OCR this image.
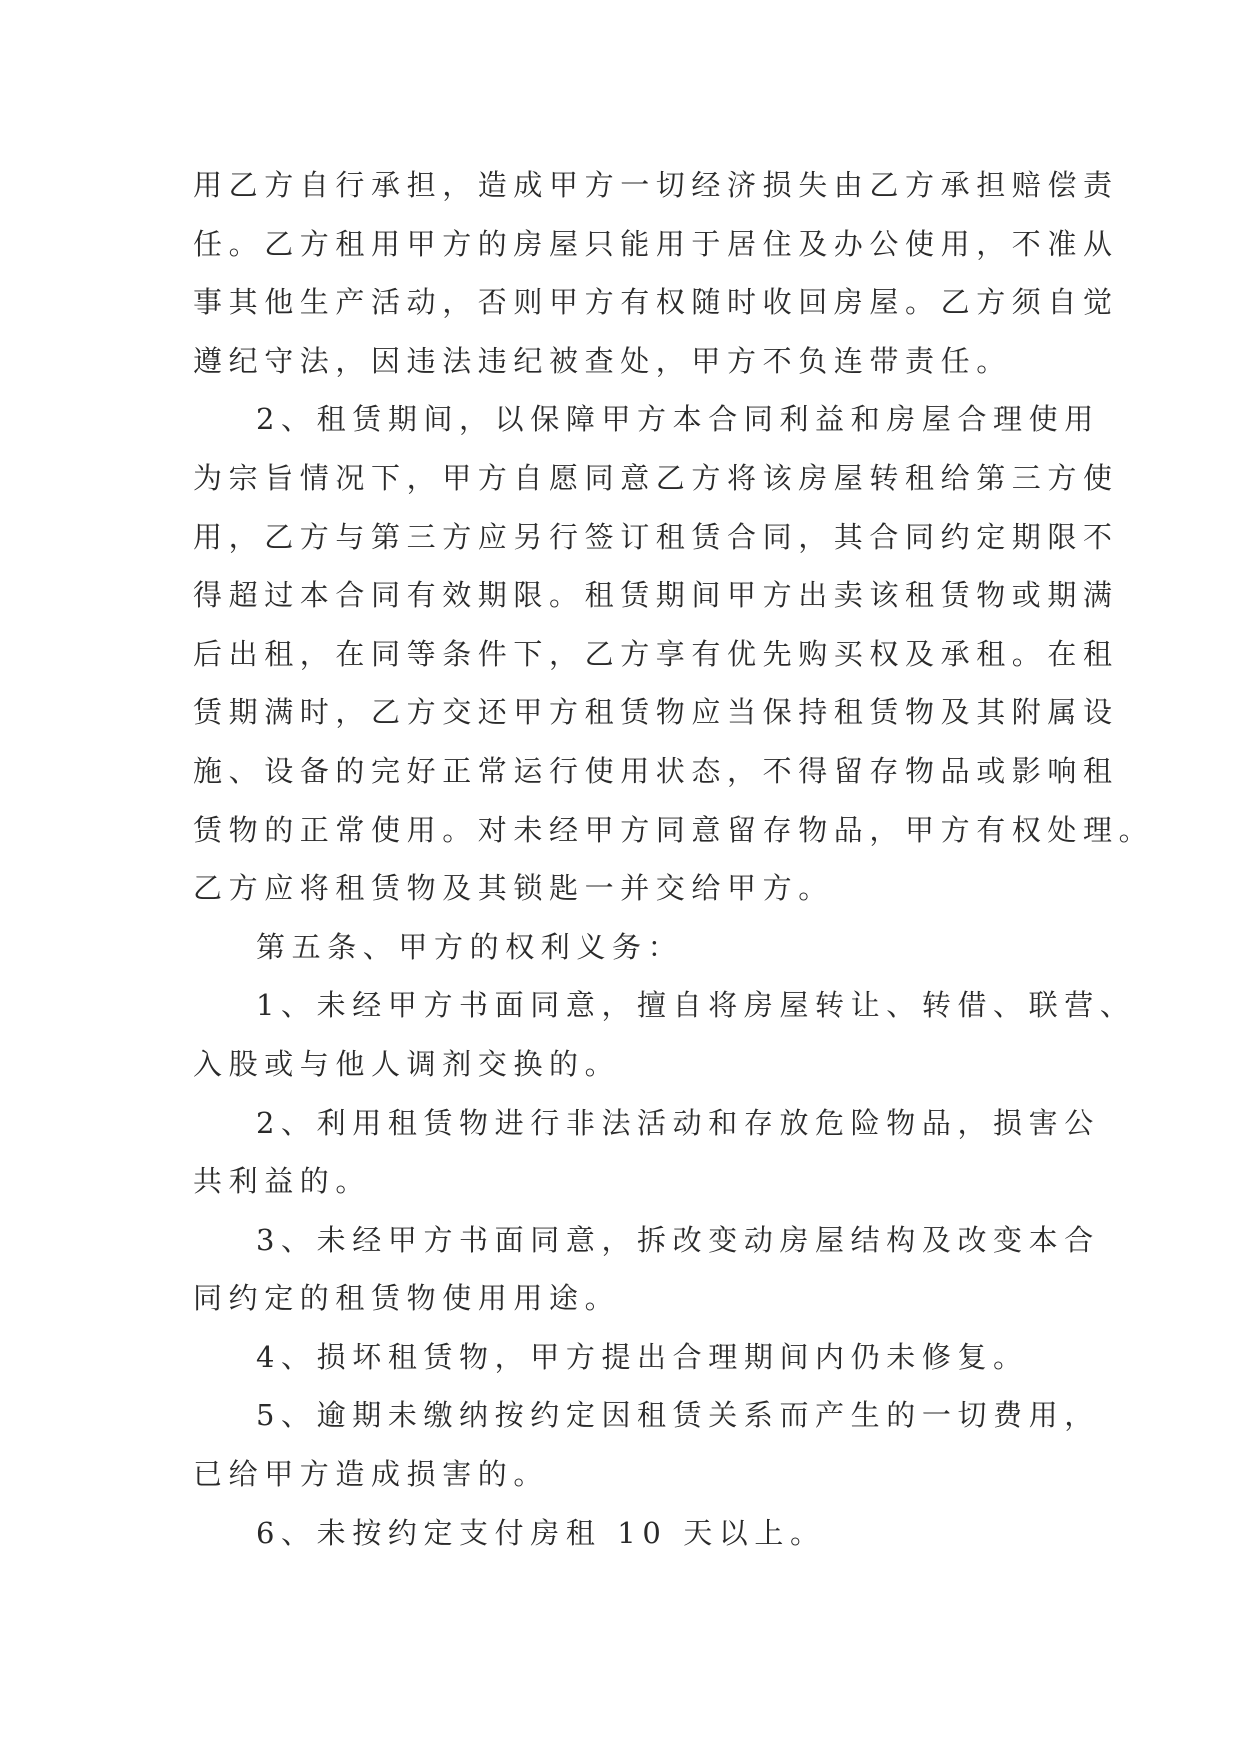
用乙方自行承担，造成甲方一切经济损失由乙方承担赔偿责
任。乙方租用甲方的房屋只能用于居住及办公使用，不准从
事其他生产活动，否则甲方有权随时收回房屋。乙方须自觉
遵纪守法，因违法违纪被查处，甲方不负连带责任。
2、租赁期间，以保障甲方本合同利益和房屋合理使用
为宗旨情况下，甲方自愿同意乙方将该房屋转租给第三方使
用，乙方与第三方应另行签订租赁合同，其合同约定期限不
得超过本合同有效期限。租赁期间甲方出卖该租赁物或期满
后出租，在同等条件下，乙方享有优先购买权及承租。在租
赁期满时，乙方交还甲方租赁物应当保持租赁物及其附属设
施、设备的完好正常运行使用状态，不得留存物品或影响租
赁物的正常使用。对未经甲方同意留存物品，甲方有权处理。
乙方应将租赁物及其锁匙一并交给甲方。
第五条、甲方的权利义务：
1、未经甲方书面同意，擅自将房屋转让、转借、联营、
入股或与他人调剂交换的。
2、利用租赁物进行非法活动和存放危险物品，损害公
共利益的。
3、未经甲方书面同意，拆改变动房屋结构及改变本合
同约定的租赁物使用用途。
4、损坏租赁物，甲方提出合理期间内仍未修复。
5、逾期未缴纳按约定因租赁关系而产生的一切费用，
已给甲方造成损害的。
6、未按约定支付房租 10 天以上。
